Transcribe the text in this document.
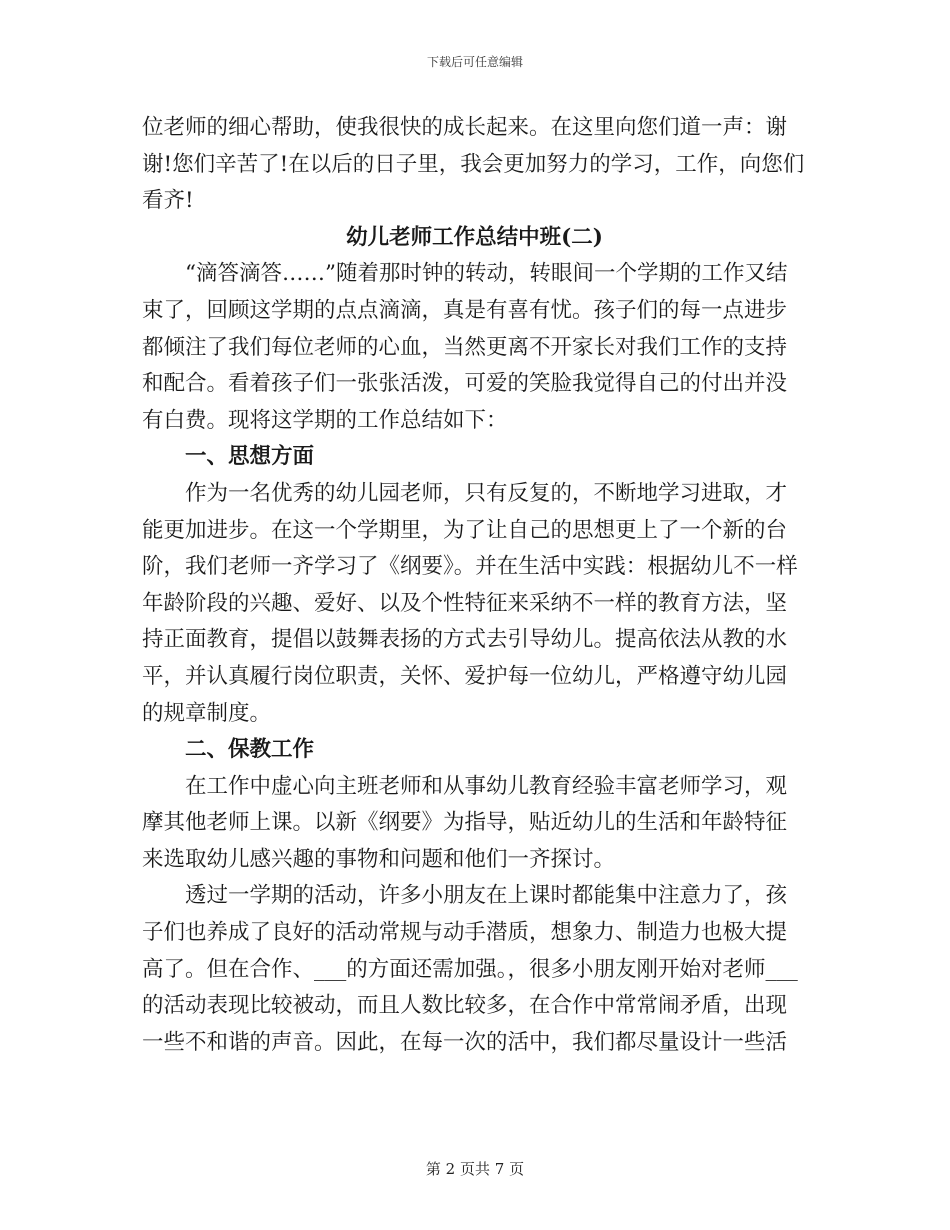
下载后可任意编辑

位老师的细心帮助，使我很快的成长起来。在这里向您们道一声：谢谢!您们辛苦了!在以后的日子里，我会更加努力的学习，工作，向您们看齐!

幼儿老师工作总结中班(二)

“滴答滴答……”随着那时钟的转动，转眼间一个学期的工作又结束了，回顾这学期的点点滴滴，真是有喜有忧。孩子们的每一点进步都倾注了我们每位老师的心血，当然更离不开家长对我们工作的支持和配合。看着孩子们一张张活泼，可爱的笑脸我觉得自己的付出并没有白费。现将这学期的工作总结如下：

一、思想方面

作为一名优秀的幼儿园老师，只有反复的，不断地学习进取，才能更加进步。在这一个学期里，为了让自己的思想更上了一个新的台阶，我们老师一齐学习了《纲要》。并在生活中实践：根据幼儿不一样年龄阶段的兴趣、爱好、以及个性特征来采纳不一样的教育方法，坚持正面教育，提倡以鼓舞表扬的方式去引导幼儿。提高依法从教的水平，并认真履行岗位职责，关怀、爱护每一位幼儿，严格遵守幼儿园的规章制度。

二、保教工作

在工作中虚心向主班老师和从事幼儿教育经验丰富老师学习，观摩其他老师上课。以新《纲要》为指导，贴近幼儿的生活和年龄特征来选取幼儿感兴趣的事物和问题和他们一齐探讨。

透过一学期的活动，许多小朋友在上课时都能集中注意力了，孩子们也养成了良好的活动常规与动手潜质，想象力、制造力也极大提高了。但在合作、___的方面还需加强。，很多小朋友刚开始对老师___的活动表现比较被动，而且人数比较多，在合作中常常闹矛盾，出现一些不和谐的声音。因此，在每一次的活中，我们都尽量设计一些活

第 2 页共 7 页
